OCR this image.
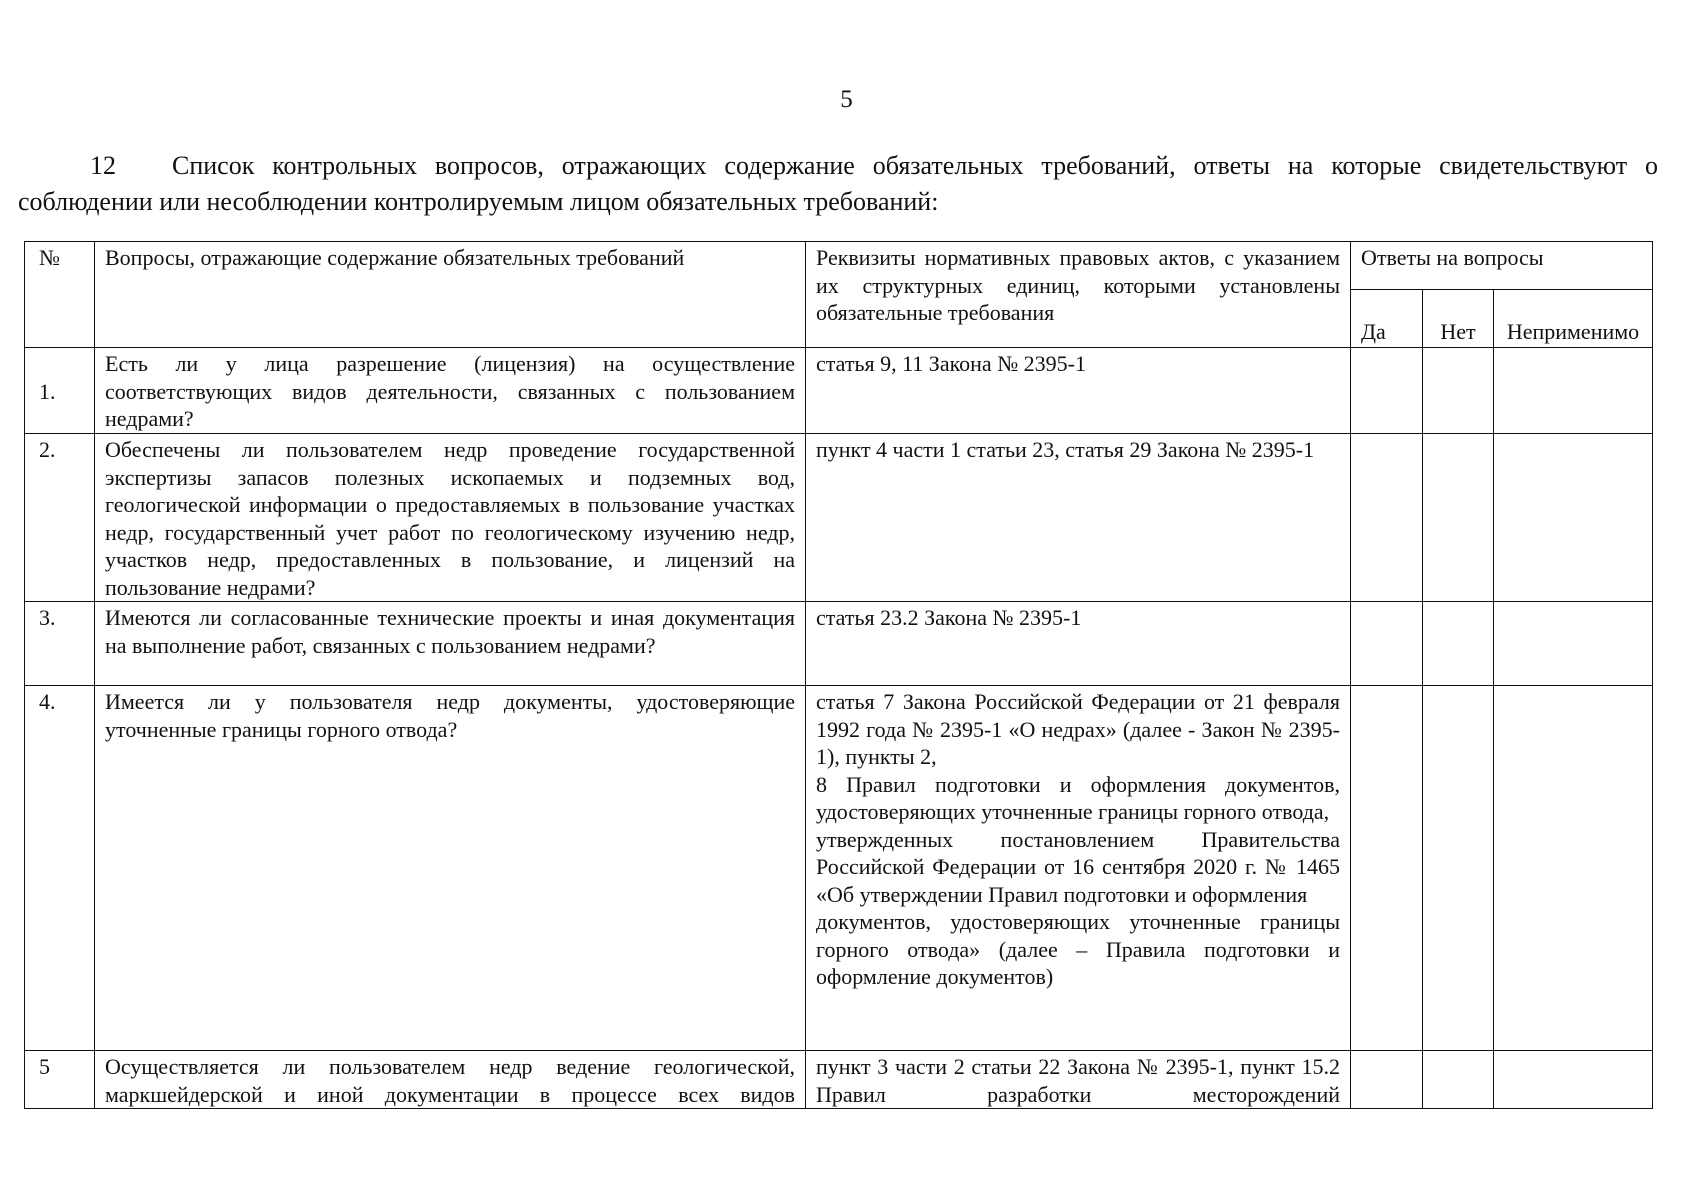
5
12 Список контрольных вопросов, отражающих содержание обязательных требований, ответы на которые свидетельствуют о соблюдении или несоблюдении контролируемым лицом обязательных требований:
№	Вопросы, отражающие содержание обязательных требований	Реквизиты нормативных правовых актов, с указанием их структурных единиц, которыми установлены обязательные требования	Ответы на вопросы		
			Да	Нет	Неприменимо
1.	Есть ли у лица разрешение (лицензия) на осуществление соответствующих видов деятельности, связанных с пользованием недрами?	статья 9, 11 Закона № 2395-1			
2.	Обеспечены ли пользователем недр проведение государственной экспертизы запасов полезных ископаемых и подземных вод, геологической информации о предоставляемых в пользование участках недр, государственный учет работ по геологическому изучению недр, участков недр, предоставленных в пользование, и лицензий на пользование недрами?	пункт 4 части 1 статьи 23, статья 29 Закона № 2395-1			
3.	Имеются ли согласованные технические проекты и иная документация на выполнение работ, связанных с пользованием недрами?	статья 23.2 Закона № 2395-1			
4.	Имеется ли у пользователя недр документы, удостоверяющие уточненные границы горного отвода?	статья 7 Закона Российской Федерации от 21 февраля 1992 года № 2395-1 «О недрах» (далее - Закон № 2395-1), пункты 2,
8 Правил подготовки и оформления документов, удостоверяющих уточненные границы горного отвода,
утвержденных постановлением Правительства Российской Федерации от 16 сентября 2020 г. № 1465 «Об утверждении Правил подготовки и оформления
документов, удостоверяющих уточненные границы горного отвода» (далее – Правила подготовки и оформление документов)			

5	Осуществляется ли пользователем недр ведение геологической, маркшейдерской и иной документации в процессе всех видов	пункт 3 части 2 статьи 22 Закона № 2395-1, пункт 15.2 Правил разработки месторождений			
